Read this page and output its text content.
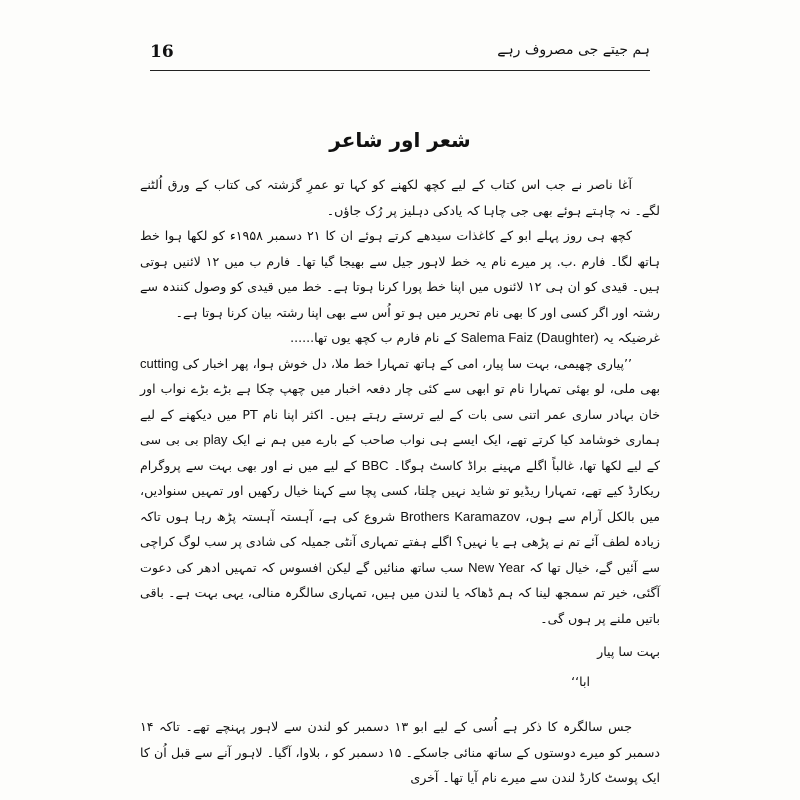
16	ہم جیتے جی مصروف رہے
شعر اور شاعر

آغا ناصر نے جب اس کتاب کے لیے کچھ لکھنے کو کہا تو عمرِ گزشتہ کی کتاب کے ورق اُلٹنے لگے۔ نہ چاہتے ہوئے بھی جی چاہا کہ یادکی دہلیز پر رُک جاؤں۔

کچھ ہی روز پہلے ابو کے کاغذات سیدھے کرتے ہوئے ان کا ۲۱ دسمبر ۱۹۵۸ء کو لکھا ہوا خط ہاتھ لگا۔ فارم .ب. پر میرے نام یہ خط لاہور جیل سے بھیجا گیا تھا۔ فارم ب میں ۱۲ لائنیں ہوتی ہیں۔ قیدی کو ان ہی ۱۲ لائنوں میں اپنا خط پورا کرنا ہوتا ہے۔ خط میں قیدی کو وصول کنندہ سے رشتہ اور اگر کسی اور کا بھی نام تحریر میں ہو تو اُس سے بھی اپنا رشتہ بیان کرنا ہوتا ہے۔

غرضیکہ یہ Salema Faiz (Daughter) کے نام فارم ب کچھ یوں تھا......

’’پیاری چھیمی، بہت سا پیار، امی کے ہاتھ تمہارا خط ملا، دل خوش ہوا، پھر اخبار کی cutting بھی ملی، لو بھئی تمہارا نام تو ابھی سے کئی چار دفعہ اخبار میں چھپ چکا ہے بڑے بڑے نواب اور خان بہادر ساری عمر اتنی سی بات کے لیے ترستے رہتے ہیں۔ اکثر اپنا نام PT میں دیکھنے کے لیے ہماری خوشامد کیا کرتے تھے، ایک ایسے ہی نواب صاحب کے بارے میں ہم نے ایک play بی بی سی کے لیے لکھا تھا، غالباً اگلے مہینے براڈ کاسٹ ہوگا۔ BBC کے لیے میں نے اور بھی بہت سے پروگرام ریکارڈ کیے تھے، تمہارا ریڈیو تو شاید نہیں چلتا، کسی پچا سے کہنا خیال رکھیں اور تمہیں سنوادیں، میں بالکل آرام سے ہوں، Brothers Karamazov شروع کی ہے، آہستہ آہستہ پڑھ رہا ہوں تاکہ زیادہ لطف آئے تم نے پڑھی ہے یا نہیں؟ اگلے ہفتے تمہاری آنٹی جمیلہ کی شادی پر سب لوگ کراچی سے آئیں گے، خیال تھا کہ New Year سب ساتھ منائیں گے لیکن افسوس کہ تمہیں ادھر کی دعوت آگئی، خیر تم سمجھ لینا کہ ہم ڈھاکہ یا لندن میں ہیں، تمہاری سالگرہ منالی، یہی بہت ہے۔ باقی باتیں ملنے پر ہوں گی۔

بہت سا پیار

ابا‘‘

جس سالگرہ کا ذکر ہے اُسی کے لیے ابو ۱۳ دسمبر کو لندن سے لاہور پہنچے تھے۔ تاکہ ۱۴ دسمبر کو میرے دوستوں کے ساتھ منائی جاسکے۔ ۱۵ دسمبر کو ، بلاوا، آگیا۔ لاہور آنے سے قبل اُن کا ایک پوسٹ کارڈ لندن سے میرے نام آیا تھا۔ آخری
